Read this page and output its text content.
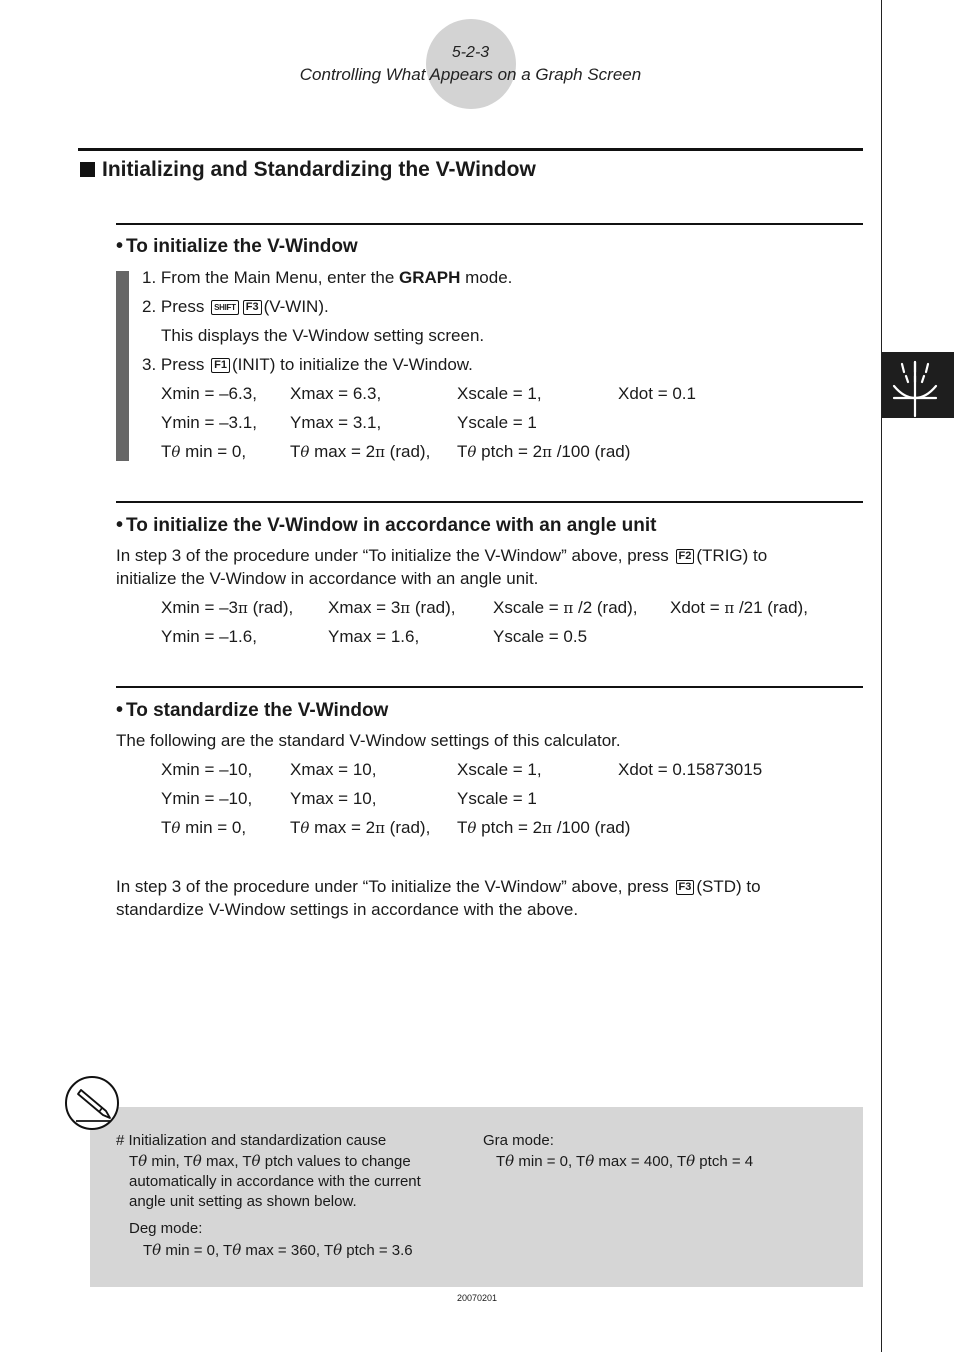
5-2-3
Controlling What Appears on a Graph Screen
Initializing and Standardizing the V-Window
• To initialize the V-Window
1. From the Main Menu, enter the GRAPH mode.
2. Press SHIFT F3 (V-WIN).
This displays the V-Window setting screen.
3. Press F1 (INIT) to initialize the V-Window.
Xmin = –6.3, Xmax = 6.3,	Xscale = 1,	Xdot = 0.1
Ymin = –3.1, Ymax = 3.1,	Yscale = 1
Tθ min = 0,	Tθ max = 2π (rad), Tθ ptch = 2π /100 (rad)
• To initialize the V-Window in accordance with an angle unit
In step 3 of the procedure under “To initialize the V-Window” above, press F2 (TRIG) to
initialize the V-Window in accordance with an angle unit.
Xmin = –3π (rad), Xmax = 3π (rad), Xscale = π /2 (rad), Xdot = π /21 (rad),
Ymin = –1.6,	Ymax = 1.6,	Yscale = 0.5
• To standardize the V-Window
The following are the standard V-Window settings of this calculator.
Xmin = –10, Xmax = 10,	Xscale = 1,	Xdot = 0.15873015
Ymin = –10, Ymax = 10,	Yscale = 1
Tθ min = 0,	Tθ max = 2π (rad), Tθ ptch = 2π /100 (rad)
In step 3 of the procedure under “To initialize the V-Window” above, press F3 (STD) to
standardize V-Window settings in accordance with the above.
# Initialization and standardization cause
Tθ min, Tθ max, Tθ ptch values to change
automatically in accordance with the current
angle unit setting as shown below.
Deg mode:
Tθ min = 0, Tθ max = 360, Tθ ptch = 3.6
Gra mode:
Tθ min = 0, Tθ max = 400, Tθ ptch = 4
20070201
